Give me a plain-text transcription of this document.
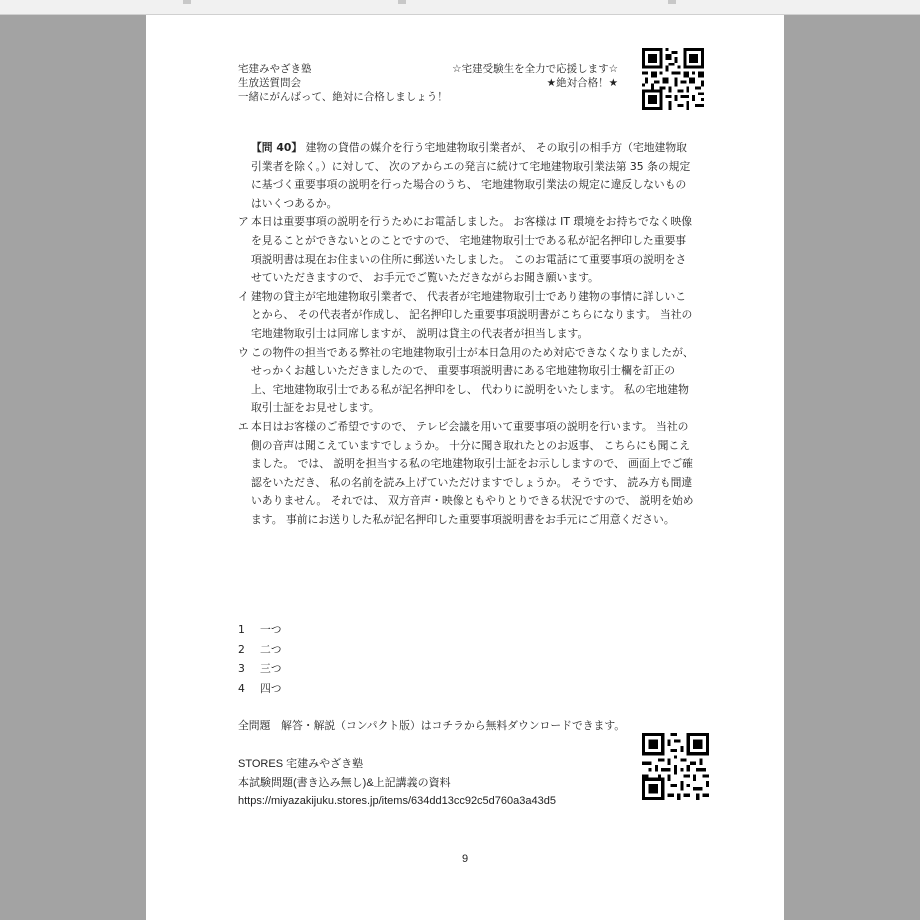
宅建みやざき塾
生放送質問会
一緒にがんばって、絶対に合格しましょう！
☆宅建受験生を全力で応援します☆
★絶対合格！★
【問 40】 建物の貸借の媒介を行う宅地建物取引業者が、 その取引の相手方（宅地建物取引業者を除く。）に対して、 次のアからエの発言に続けて宅地建物取引業法第 35 条の規定に基づく重要事項の説明を行った場合のうち、 宅地建物取引業法の規定に違反しないものはいくつあるか。
ア 本日は重要事項の説明を行うためにお電話しました。 お客様は IT 環境をお持ちでなく映像を見ることができないとのことですので、 宅地建物取引士である私が記名押印した重要事項説明書は現在お住まいの住所に郵送いたしました。 このお電話にて重要事項の説明をさせていただきますので、 お手元でご覧いただきながらお聞き願います。
イ 建物の貸主が宅地建物取引業者で、 代表者が宅地建物取引士であり建物の事情に詳しいことから、 その代表者が作成し、 記名押印した重要事項説明書がこちらになります。 当社の宅地建物取引士は同席しますが、 説明は貸主の代表者が担当します。
ウ この物件の担当である弊社の宅地建物取引士が本日急用のため対応できなくなりましたが、せっかくお越しいただきましたので、 重要事項説明書にある宅地建物取引士欄を訂正の上、宅地建物取引士である私が記名押印をし、 代わりに説明をいたします。 私の宅地建物取引士証をお見せします。
エ 本日はお客様のご希望ですので、 テレビ会議を用いて重要事項の説明を行います。 当社の側の音声は聞こえていますでしょうか。 十分に聞き取れたとのお返事、 こちらにも聞こえました。 では、 説明を担当する私の宅地建物取引士証をお示ししますので、 画面上でご確認をいただき、 私の名前を読み上げていただけますでしょうか。 そうです、 読み方も間違いありません。 それでは、 双方音声・映像ともやりとりできる状況ですので、 説明を始めます。 事前にお送りした私が記名押印した重要事項説明書をお手元にご用意ください。
1 一つ
2 二つ
3 三つ
4 四つ
全問題　解答・解説（コンパクト版）はコチラから無料ダウンロードできます。
STORES 宅建みやざき塾
本試験問題(書き込み無し)&上記講義の資料
https://miyazakijuku.stores.jp/items/634dd13cc92c5d760a3a43d5
9
